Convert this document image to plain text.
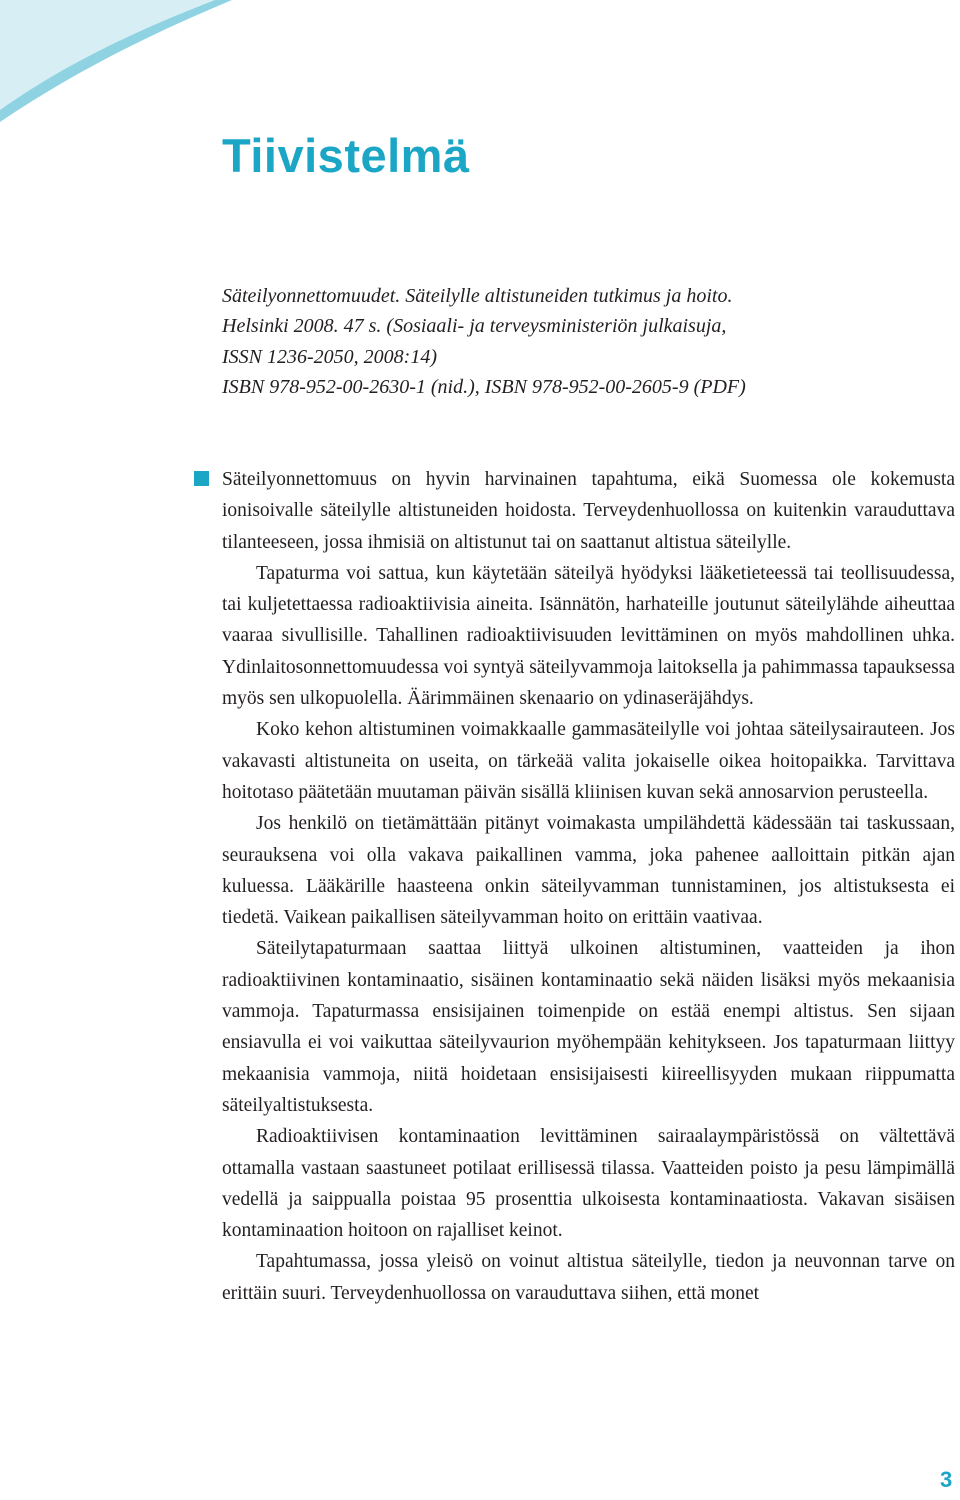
Tiivistelmä
Säteilyonnettomuudet. Säteilylle altistuneiden tutkimus ja hoito.
Helsinki 2008. 47 s. (Sosiaali- ja terveysministeriön julkaisuja,
ISSN 1236-2050, 2008:14)
ISBN 978-952-00-2630-1 (nid.), ISBN 978-952-00-2605-9 (PDF)

Säteilyonnettomuus on hyvin harvinainen tapahtuma, eikä Suomessa ole kokemusta ionisoivalle säteilylle altistuneiden hoidosta. Terveydenhuollossa on kuitenkin varauduttava tilanteeseen, jossa ihmisiä on altistunut tai on saattanut altistua säteilylle.

Tapaturma voi sattua, kun käytetään säteilyä hyödyksi lääketieteessä tai teollisuudessa, tai kuljetettaessa radioaktiivisia aineita. Isännätön, harhateille joutunut säteilylähde aiheuttaa vaaraa sivullisille. Tahallinen radioaktiivisuuden levittäminen on myös mahdollinen uhka. Ydinlaitosonnettomuudessa voi syntyä säteilyvammoja laitoksella ja pahimmassa tapauksessa myös sen ulkopuolella. Äärimmäinen skenaario on ydinaseräjähdys.

Koko kehon altistuminen voimakkaalle gammasäteilylle voi johtaa säteilysairauteen. Jos vakavasti altistuneita on useita, on tärkeää valita jokaiselle oikea hoitopaikka. Tarvittava hoitotaso päätetään muutaman päivän sisällä kliinisen kuvan sekä annosarvion perusteella.

Jos henkilö on tietämättään pitänyt voimakasta umpilähdettä kädessään tai taskussaan, seurauksena voi olla vakava paikallinen vamma, joka pahenee aalloittain pitkän ajan kuluessa. Lääkärille haasteena onkin säteilyvamman tunnistaminen, jos altistuksesta ei tiedetä. Vaikean paikallisen säteilyvamman hoito on erittäin vaativaa.

Säteilytapaturmaan saattaa liittyä ulkoinen altistuminen, vaatteiden ja ihon radioaktiivinen kontaminaatio, sisäinen kontaminaatio sekä näiden lisäksi myös mekaanisia vammoja. Tapaturmassa ensisijainen toimenpide on estää enempi altistus. Sen sijaan ensiavulla ei voi vaikuttaa säteilyvaurion myöhempään kehitykseen. Jos tapaturmaan liittyy mekaanisia vammoja, niitä hoidetaan ensisijaisesti kiireellisyyden mukaan riippumatta säteilyaltistuksesta.

Radioaktiivisen kontaminaation levittäminen sairaalaympäristössä on vältettävä ottamalla vastaan saastuneet potilaat erillisessä tilassa. Vaatteiden poisto ja pesu lämpimällä vedellä ja saippualla poistaa 95 prosenttia ulkoisesta kontaminaatiosta. Vakavan sisäisen kontaminaation hoitoon on rajalliset keinot.

Tapahtumassa, jossa yleisö on voinut altistua säteilylle, tiedon ja neuvonnan tarve on erittäin suuri. Terveydenhuollossa on varauduttava siihen, että monet

3
